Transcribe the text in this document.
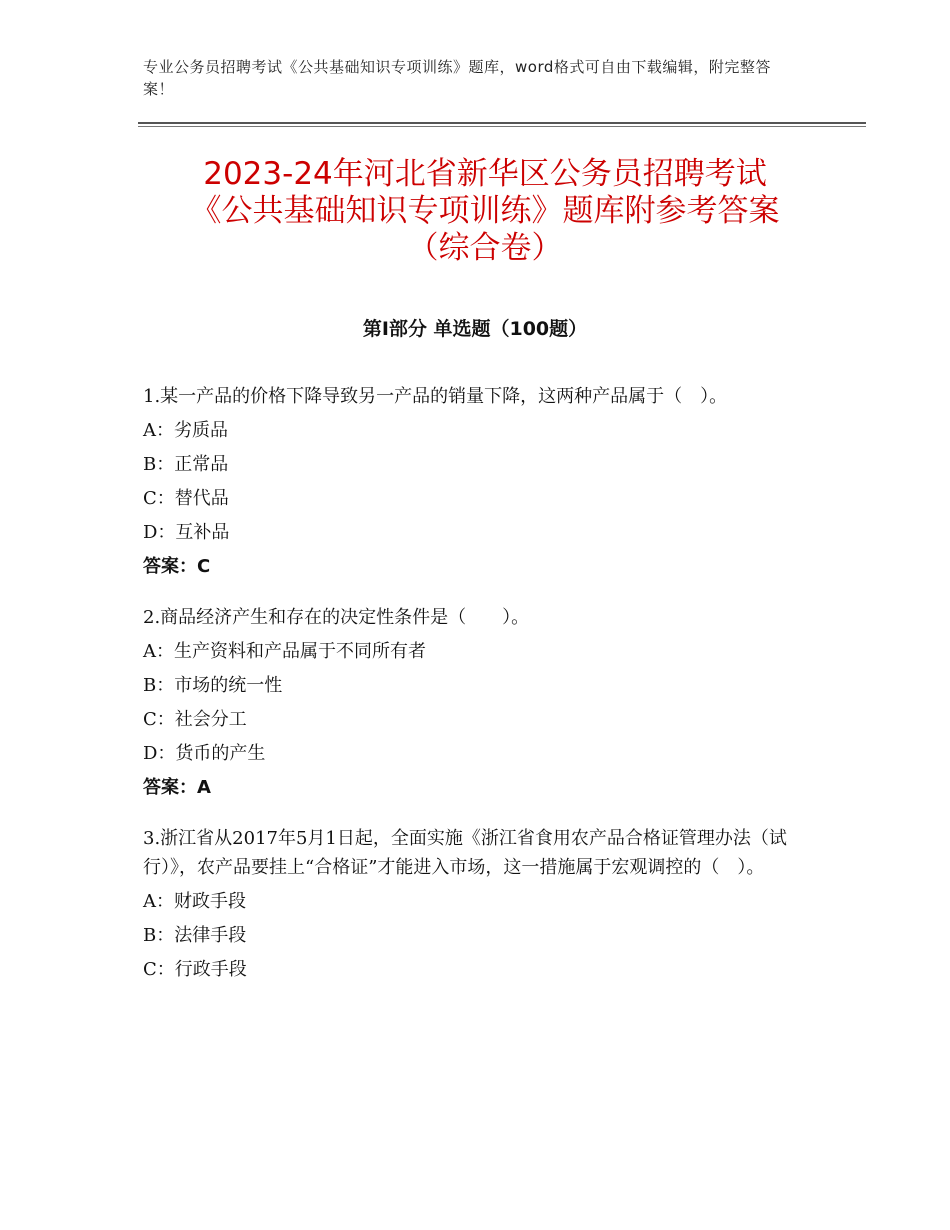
专业公务员招聘考试《公共基础知识专项训练》题库，word格式可自由下载编辑，附完整答案！
2023-24年河北省新华区公务员招聘考试
《公共基础知识专项训练》题库附参考答案
（综合卷）
第Ⅰ部分 单选题（100题）
1.某一产品的价格下降导致另一产品的销量下降，这两种产品属于（　）。
A：劣质品
B：正常品
C：替代品
D：互补品
答案：C
2.商品经济产生和存在的决定性条件是（　　）。
A：生产资料和产品属于不同所有者
B：市场的统一性
C：社会分工
D：货币的产生
答案：A
3.浙江省从2017年5月1日起，全面实施《浙江省食用农产品合格证管理办法（试行）》，农产品要挂上“合格证”才能进入市场，这一措施属于宏观调控的（　）。
A：财政手段
B：法律手段
C：行政手段
